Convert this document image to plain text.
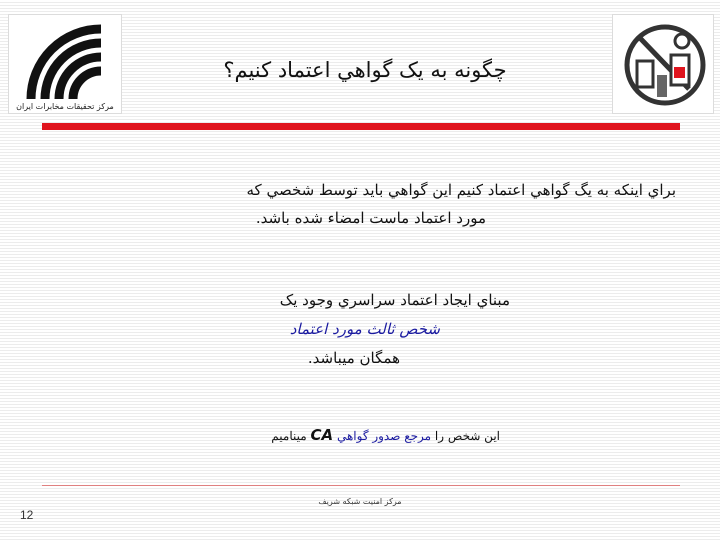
مرکز تحقیقات مخابرات ایران
چگونه به يک گواهي اعتماد کنيم؟
براي اينکه به يگ گواهي اعتماد کنيم اين گواهي بايد توسط شخصي که
مورد اعتماد ماست امضاء شده باشد.
مبناي ايجاد اعتماد سراسري وجود يک
شخص ثالث مورد اعتماد
همگان ميباشد.
اين شخص را مرجع صدور گواهي CA مينامیم
مرکز امنیت شبکه شریف
12
